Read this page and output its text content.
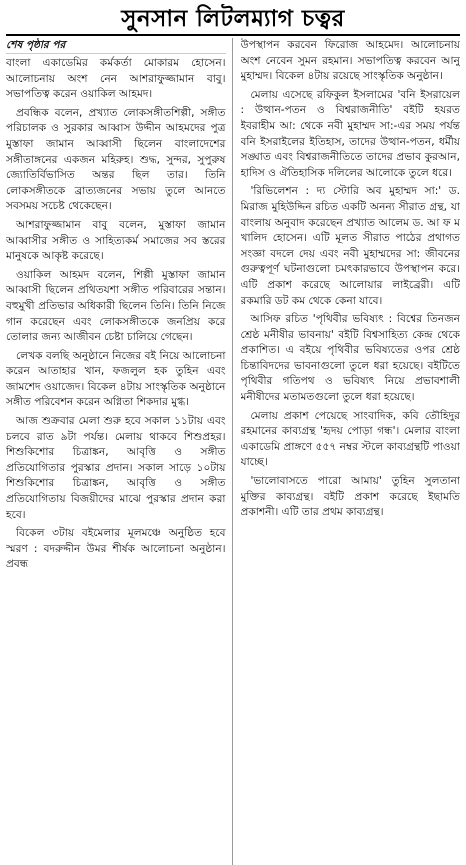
সুনসান লিটলম্যাগ চত্বর
শেষ পৃষ্ঠার পর

বাংলা একাডেমির কর্মকর্তা মোকারম হোসেন। আলোচনায় অংশ নেন আশরাফুজ্জামান বাবু। সভাপতিত্ব করেন ওয়াকিল আহমদ।

প্রবন্ধিক বলেন, প্রখ্যাত লোকসঙ্গীতশিল্পী, সঙ্গীত পরিচালক ও সুরকার আব্বাস উদ্দীন আহমদের পুত্র মুস্তাফা জামান আব্বাসী ছিলেন বাংলাদেশের সঙ্গীতাঙ্গনের একজন মহিরুহ। শুদ্ধ, সুন্দর, সুপুরুষ জ্যোতির্বিভাসিত অন্তর ছিল তার। তিনি লোকসঙ্গীতকে ব্রাত্যজনের সভায় তুলে আনতে সবসময় সচেষ্ট থেকেছেন।

আশরাফুজ্জামান বাবু বলেন, মুস্তাফা জামান আব্বাসীর সঙ্গীত ও সাহিত্যকর্ম সমাজের সব স্তরের মানুষকে আকৃষ্ট করেছে।

ওয়াকিল আহমদ বলেন, শিল্পী মুস্তাফা জামান আব্বাসী ছিলেন প্রথিতযশা সঙ্গীত পরিবারের সন্তান। বহুমুখী প্রতিভার অধিকারী ছিলেন তিনি। তিনি নিজে গান করেছেন এবং লোকসঙ্গীতকে জনপ্রিয় করে তোলার জন্য আজীবন চেষ্টা চালিয়ে গেছেন।

লেখক বলছি অনুষ্ঠানে নিজের বই নিয়ে আলোচনা করেন আতাহার খান, ফজলুল হক তুহিন এবং জামশেদ ওয়াজেদ। বিকেল ৪টায় সাংস্কৃতিক অনুষ্ঠানে সঙ্গীত পরিবেশন করেন অগ্নিতা শিকদার মুগ্ধ।

আজ শুক্রবার মেলা শুরু হবে সকাল ১১টায় এবং চলবে রাত ৯টা পর্যন্ত। মেলায় থাকবে শিশুপ্রহর। শিশুকিশোর চিত্রাঙ্কন, আবৃত্তি ও সঙ্গীত প্রতিযোগিতার পুরস্কার প্রদান। সকাল সাড়ে ১০টায় শিশুকিশোর চিত্রাঙ্কন, আবৃত্তি ও সঙ্গীত প্রতিযোগিতায় বিজয়ীদের মাঝে পুরস্কার প্রদান করা হবে।

বিকেল ৩টায় বইমেলার মূলমঞ্চে অনুষ্ঠিত হবে স্মরণ : বদরুদ্দীন উমর শীর্ষক আলোচনা অনুষ্ঠান। প্রবন্ধ

উপস্থাপন করবেন ফিরোজ আহমেদ। আলোচনায় অংশ নেবেন সুমন রহমান। সভাপতিত্ব করবেন আনু মুহাম্মদ। বিকেল ৪টায় রয়েছে সাংস্কৃতিক অনুষ্ঠান।

মেলায় এসেছে রফিকুল ইসলামের 'বনি ইসরায়েল : উত্থান-পতন ও বিশ্বরাজনীতি' বইটি হযরত ইবরাহীম আ: থেকে নবী মুহাম্মদ সা:-এর সময় পর্যন্ত বনি ইসরাইলের ইতিহাস, তাদের উত্থান-পতন, ধর্মীয় সঙ্ঘাত এবং বিশ্বরাজনীতিতে তাদের প্রভাব কুরআন, হাদিস ও ঐতিহাসিক দলিলের আলোকে তুলে ধরে।

'রিভিলেশন : দ্য স্টোরি অব মুহাম্মদ সা:' ড. মিরাজ মুহিউদ্দিন রচিত একটি অনন্য সীরাত গ্রন্থ, যা বাংলায় অনুবাদ করেছেন প্রখ্যাত আলেম ড. আ ফ ম খালিদ হোসেন। এটি মূলত সীরাত পাঠের প্রথাগত সংজ্ঞা বদলে দেয় এবং নবী মুহাম্মদের সা: জীবনের গুরুত্বপূর্ণ ঘটনাগুলো চমৎকারভাবে উপস্থাপন করে। এটি প্রকাশ করেছে আলোয়ার লাইব্রেরী। এটি রকমারি ডট কম থেকে কেনা যাবে।

আসিফ রচিত 'পৃথিবীর ভবিষ্যৎ : বিশ্বের তিনজন শ্রেষ্ঠ মনীষীর ভাবনায়' বইটি বিশ্বসাহিত্য কেন্দ্র থেকে প্রকাশিত। এ বইয়ে পৃথিবীর ভবিষ্যতের ওপর শ্রেষ্ঠ চিন্তাবিদদের ভাবনাগুলো তুলে ধরা হয়েছে। বইটিতে পৃথিবীর গতিপথ ও ভবিষ্যৎ নিয়ে প্রভাবশালী মনীষীদের মতামতগুলো তুলে ধরা হয়েছে।

মেলায় প্রকাশ পেয়েছে সাংবাদিক, কবি তৌহিদুর রহমানের কাব্যগ্রন্থ 'হৃদয় পোড়া গন্ধ'। মেলার বাংলা একাডেমি প্রাঙ্গণে ৫৫৭ নম্বর স্টলে কাব্যগ্রন্থটি পাওয়া যাচ্ছে।

'ভালোবাসতে পারো আমায়' তুহিন সুলতানা মুক্তির কাব্যগ্রন্থ। বইটি প্রকাশ করেছে ইছামতি প্রকাশনী। এটি তার প্রথম কাব্যগ্রন্থ।
